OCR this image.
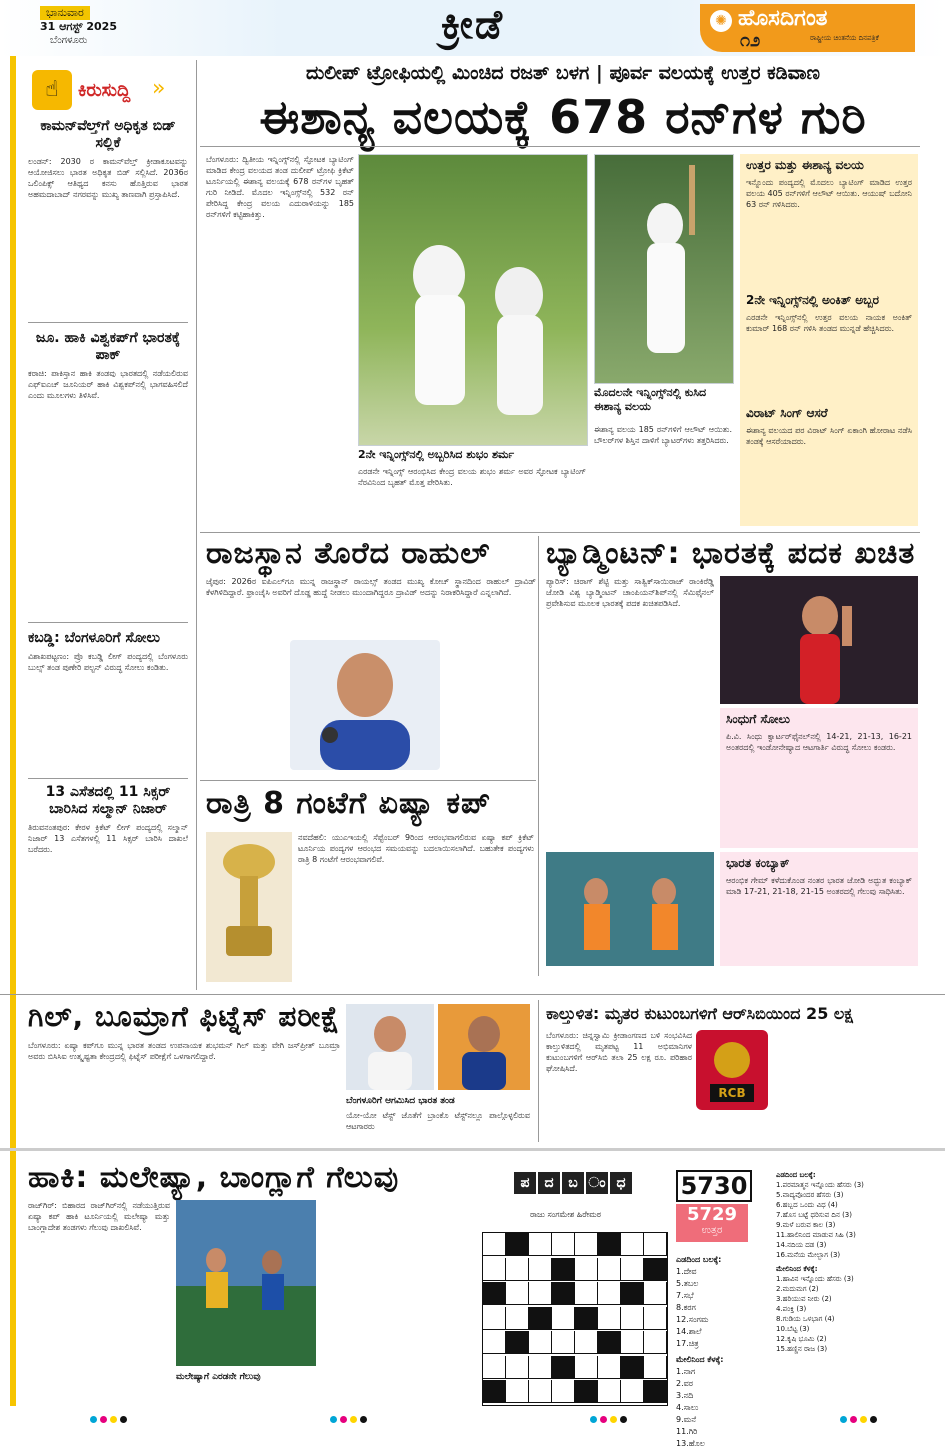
ಭಾನುವಾರ
31 ಆಗಸ್ಟ್ 2025
ಬೆಂಗಳೂರು	ಕ್ರೀಡೆ	✺ ಹೊಸದಿಗಂತ
೧೨	ರಾಷ್ಟ್ರೀಯ ಚಿಂತನೆಯ ದಿನಪತ್ರಿಕೆ
☝	ಕಿರುಸುದ್ದಿ »
ಕಾಮನ್‌ವೆಲ್ತ್‌ಗೆ ಅಧಿಕೃತ ಬಿಡ್ ಸಲ್ಲಿಕೆ
ಲಂಡನ್: 2030 ರ ಕಾಮನ್‌ವೆಲ್ತ್ ಕ್ರೀಡಾಕೂಟವನ್ನು ಆಯೋಜಿಸಲು ಭಾರತ ಅಧಿಕೃತ ಬಿಡ್ ಸಲ್ಲಿಸಿದೆ. 2036ರ ಒಲಿಂಪಿಕ್ಸ್ ಆತಿಥ್ಯದ ಕನಸು ಹೊತ್ತಿರುವ ಭಾರತ ಅಹಮದಾಬಾದ್ ನಗರವನ್ನು ಮುಖ್ಯ ತಾಣವಾಗಿ ಪ್ರಸ್ತಾಪಿಸಿದೆ.
ಜೂ. ಹಾಕಿ ವಿಶ್ವಕಪ್‌ಗೆ ಭಾರತಕ್ಕೆ ಪಾಕ್
ಕರಾಚಿ: ಪಾಕಿಸ್ತಾನ ಹಾಕಿ ತಂಡವು ಭಾರತದಲ್ಲಿ ನಡೆಯಲಿರುವ ಎಫ್‌ಐಎಚ್ ಜೂನಿಯರ್ ಹಾಕಿ ವಿಶ್ವಕಪ್‌ನಲ್ಲಿ ಭಾಗವಹಿಸಲಿದೆ ಎಂದು ಮೂಲಗಳು ತಿಳಿಸಿವೆ.
ಕಬಡ್ಡಿ: ಬೆಂಗಳೂರಿಗೆ ಸೋಲು
ವಿಶಾಖಪಟ್ಟಣಂ: ಪ್ರೊ ಕಬಡ್ಡಿ ಲೀಗ್ ಪಂದ್ಯದಲ್ಲಿ ಬೆಂಗಳೂರು ಬುಲ್ಸ್ ತಂಡ ಪುಣೇರಿ ಪಲ್ಟನ್ ವಿರುದ್ಧ ಸೋಲು ಕಂಡಿತು.
13 ಎಸೆತದಲ್ಲಿ 11 ಸಿಕ್ಸರ್ ಬಾರಿಸಿದ ಸಲ್ಮಾನ್ ನಿಜಾರ್
ತಿರುವನಂತಪುರ: ಕೇರಳ ಕ್ರಿಕೆಟ್ ಲೀಗ್ ಪಂದ್ಯದಲ್ಲಿ ಸಲ್ಮಾನ್ ನಿಜಾರ್ 13 ಎಸೆತಗಳಲ್ಲಿ 11 ಸಿಕ್ಸರ್ ಬಾರಿಸಿ ದಾಖಲೆ ಬರೆದರು.
ದುಲೀಪ್ ಟ್ರೋಫಿಯಲ್ಲಿ ಮಿಂಚಿದ ರಜತ್ ಬಳಗ | ಪೂರ್ವ ವಲಯಕ್ಕೆ ಉತ್ತರ ಕಡಿವಾಣ
ಈಶಾನ್ಯ ವಲಯಕ್ಕೆ 678 ರನ್‌ಗಳ ಗುರಿ
ಬೆಂಗಳೂರು: ದ್ವಿತೀಯ ಇನ್ನಿಂಗ್ಸ್‌ನಲ್ಲಿ ಸ್ಫೋಟಕ ಬ್ಯಾಟಿಂಗ್ ಮಾಡಿದ ಕೇಂದ್ರ ವಲಯದ ತಂಡ ದುಲೀಪ್ ಟ್ರೋಫಿ ಕ್ರಿಕೆಟ್ ಟೂರ್ನಿಯಲ್ಲಿ ಈಶಾನ್ಯ ವಲಯಕ್ಕೆ 678 ರನ್‌ಗಳ ಬೃಹತ್ ಗುರಿ ನೀಡಿದೆ. ಮೊದಲ ಇನ್ನಿಂಗ್ಸ್‌ನಲ್ಲಿ 532 ರನ್ ಪೇರಿಸಿದ್ದ ಕೇಂದ್ರ ವಲಯ ಎದುರಾಳಿಯನ್ನು 185 ರನ್‌ಗಳಿಗೆ ಕಟ್ಟಿಹಾಕಿತ್ತು.
2ನೇ ಇನ್ನಿಂಗ್ಸ್‌ನಲ್ಲಿ ಅಬ್ಬರಿಸಿದ ಶುಭಂ ಶರ್ಮ
ಎರಡನೇ ಇನ್ನಿಂಗ್ಸ್ ಆರಂಭಿಸಿದ ಕೇಂದ್ರ ವಲಯ ಶುಭಂ ಶರ್ಮ ಅವರ ಸ್ಫೋಟಕ ಬ್ಯಾಟಿಂಗ್ ನೆರವಿನಿಂದ ಬೃಹತ್ ಮೊತ್ತ ಪೇರಿಸಿತು.
ಮೊದಲನೇ ಇನ್ನಿಂಗ್ಸ್‌ನಲ್ಲಿ ಕುಸಿದ ಈಶಾನ್ಯ ವಲಯ
ಈಶಾನ್ಯ ವಲಯ 185 ರನ್‌ಗಳಿಗೆ ಆಲೌಟ್ ಆಯಿತು. ಬೌಲರ್‌ಗಳ ಶಿಸ್ತಿನ ದಾಳಿಗೆ ಬ್ಯಾಟರ್‌ಗಳು ತತ್ತರಿಸಿದರು.
ಉತ್ತರ ಮತ್ತು ಈಶಾನ್ಯ ವಲಯ
ಇನ್ನೊಂದು ಪಂದ್ಯದಲ್ಲಿ ಮೊದಲು ಬ್ಯಾಟಿಂಗ್ ಮಾಡಿದ ಉತ್ತರ ವಲಯ 405 ರನ್‌ಗಳಿಗೆ ಆಲೌಟ್ ಆಯಿತು. ಆಯುಷ್ ಬದೋನಿ 63 ರನ್ ಗಳಿಸಿದರು.
2ನೇ ಇನ್ನಿಂಗ್ಸ್‌ನಲ್ಲಿ ಅಂಕಿತ್ ಅಬ್ಬರ
ಎರಡನೇ ಇನ್ನಿಂಗ್ಸ್‌ನಲ್ಲಿ ಉತ್ತರ ವಲಯ ನಾಯಕ ಅಂಕಿತ್ ಕುಮಾರ್ 168 ರನ್ ಗಳಿಸಿ ತಂಡದ ಮುನ್ನಡೆ ಹೆಚ್ಚಿಸಿದರು.
ವಿರಾಟ್ ಸಿಂಗ್ ಆಸರೆ
ಈಶಾನ್ಯ ವಲಯದ ಪರ ವಿರಾಟ್ ಸಿಂಗ್ ಏಕಾಂಗಿ ಹೋರಾಟ ನಡೆಸಿ ತಂಡಕ್ಕೆ ಆಸರೆಯಾದರು.
ರಾಜಸ್ಥಾನ ತೊರೆದ ರಾಹುಲ್
ಜೈಪುರ: 2026ರ ಐಪಿಎಲ್‌ಗೂ ಮುನ್ನ ರಾಜಸ್ಥಾನ್ ರಾಯಲ್ಸ್ ತಂಡದ ಮುಖ್ಯ ಕೋಚ್ ಸ್ಥಾನದಿಂದ ರಾಹುಲ್ ದ್ರಾವಿಡ್ ಕೆಳಗಿಳಿದಿದ್ದಾರೆ. ಫ್ರಾಂಚೈಸಿ ಅವರಿಗೆ ದೊಡ್ಡ ಹುದ್ದೆ ನೀಡಲು ಮುಂದಾಗಿದ್ದರೂ ದ್ರಾವಿಡ್ ಅದನ್ನು ನಿರಾಕರಿಸಿದ್ದಾರೆ ಎನ್ನಲಾಗಿದೆ.
ರಾತ್ರಿ 8 ಗಂಟೆಗೆ ಏಷ್ಯಾ ಕಪ್
ನವದೆಹಲಿ: ಯುಎಇಯಲ್ಲಿ ಸೆಪ್ಟೆಂಬರ್ 9ರಿಂದ ಆರಂಭವಾಗಲಿರುವ ಏಷ್ಯಾ ಕಪ್ ಕ್ರಿಕೆಟ್ ಟೂರ್ನಿಯ ಪಂದ್ಯಗಳ ಆರಂಭದ ಸಮಯವನ್ನು ಬದಲಾಯಿಸಲಾಗಿದೆ. ಬಹುತೇಕ ಪಂದ್ಯಗಳು ರಾತ್ರಿ 8 ಗಂಟೆಗೆ ಆರಂಭವಾಗಲಿವೆ.
ಬ್ಯಾಡ್ಮಿಂಟನ್: ಭಾರತಕ್ಕೆ ಪದಕ ಖಚಿತ
ಪ್ಯಾರಿಸ್: ಚಿರಾಗ್ ಶೆಟ್ಟಿ ಮತ್ತು ಸಾತ್ವಿಕ್‌ಸಾಯಿರಾಜ್ ರಾಂಕಿರೆಡ್ಡಿ ಜೋಡಿ ವಿಶ್ವ ಬ್ಯಾಡ್ಮಿಂಟನ್ ಚಾಂಪಿಯನ್‌ಶಿಪ್‌ನಲ್ಲಿ ಸೆಮಿಫೈನಲ್ ಪ್ರವೇಶಿಸುವ ಮೂಲಕ ಭಾರತಕ್ಕೆ ಪದಕ ಖಚಿತಪಡಿಸಿದೆ.
ಸಿಂಧುಗೆ ಸೋಲು
ಪಿ.ವಿ. ಸಿಂಧು ಕ್ವಾರ್ಟರ್‌ಫೈನಲ್‌ನಲ್ಲಿ 14-21, 21-13, 16-21 ಅಂತರದಲ್ಲಿ ಇಂಡೋನೇಷ್ಯಾದ ಆಟಗಾರ್ತಿ ವಿರುದ್ಧ ಸೋಲು ಕಂಡರು.
ಭಾರತ ಕಂಬ್ಯಾಕ್
ಆರಂಭಿಕ ಗೇಮ್ ಕಳೆದುಕೊಂಡ ನಂತರ ಭಾರತ ಜೋಡಿ ಅದ್ಭುತ ಕಂಬ್ಯಾಕ್ ಮಾಡಿ 17-21, 21-18, 21-15 ಅಂತರದಲ್ಲಿ ಗೆಲುವು ಸಾಧಿಸಿತು.
ಗಿಲ್, ಬೂಮ್ರಾಗೆ ಫಿಟ್ನೆಸ್ ಪರೀಕ್ಷೆ
ಬೆಂಗಳೂರು: ಏಷ್ಯಾ ಕಪ್‌ಗೂ ಮುನ್ನ ಭಾರತ ತಂಡದ ಉಪನಾಯಕ ಶುಭಮನ್ ಗಿಲ್ ಮತ್ತು ವೇಗಿ ಜಸ್‌ಪ್ರೀತ್ ಬೂಮ್ರಾ ಅವರು ಬಿಸಿಸಿಐ ಉತ್ಕೃಷ್ಟತಾ ಕೇಂದ್ರದಲ್ಲಿ ಫಿಟ್ನೆಸ್ ಪರೀಕ್ಷೆಗೆ ಒಳಗಾಗಲಿದ್ದಾರೆ.
ಬೆಂಗಳೂರಿಗೆ ಆಗಮಿಸಿದ ಭಾರತ ತಂಡ
ಯೋ-ಯೋ ಟೆಸ್ಟ್ ಜೊತೆಗೆ ಬ್ರಾಂಕೊ ಟೆಸ್ಟ್‌ನಲ್ಲೂ ಪಾಲ್ಗೊಳ್ಳಲಿರುವ ಆಟಗಾರರು
ಕಾಲ್ತುಳಿತ: ಮೃತರ ಕುಟುಂಬಗಳಿಗೆ ಆರ್‌ಸಿಬಿಯಿಂದ 25 ಲಕ್ಷ
ಬೆಂಗಳೂರು: ಚಿನ್ನಸ್ವಾಮಿ ಕ್ರೀಡಾಂಗಣದ ಬಳಿ ಸಂಭವಿಸಿದ ಕಾಲ್ತುಳಿತದಲ್ಲಿ ಮೃತಪಟ್ಟ 11 ಅಭಿಮಾನಿಗಳ ಕುಟುಂಬಗಳಿಗೆ ಆರ್‌ಸಿಬಿ ತಲಾ 25 ಲಕ್ಷ ರೂ. ಪರಿಹಾರ ಘೋಷಿಸಿದೆ.
RCB
ಹಾಕಿ: ಮಲೇಷ್ಯಾ, ಬಾಂಗ್ಲಾಗೆ ಗೆಲುವು
ರಾಜ್‌ಗಿರ್: ಬಿಹಾರದ ರಾಜ್‌ಗಿರ್‌ನಲ್ಲಿ ನಡೆಯುತ್ತಿರುವ ಏಷ್ಯಾ ಕಪ್ ಹಾಕಿ ಟೂರ್ನಿಯಲ್ಲಿ ಮಲೇಷ್ಯಾ ಮತ್ತು ಬಾಂಗ್ಲಾದೇಶ ತಂಡಗಳು ಗೆಲುವು ದಾಖಲಿಸಿವೆ.
ಮಲೇಷ್ಯಾಗೆ ಎರಡನೇ ಗೆಲುವು
ಪ ದ ಬ ಂ ಧ
ರಾಜು ಸಂಗಮೇಶ ಹಿರೇಮಠ
5730
5729
ಉತ್ತರ
ಎಡದಿಂದ ಬಲಕ್ಕೆ:
1.ದೇವ
5.ತಬಲ
7.ಸಭೆ
8.ಕರಗ
12.ಸಂಗಮ
14.ಶಾಲೆ
17.ಚಿತ್ರ
ಮೇಲಿನಿಂದ ಕೆಳಕ್ಕೆ:
1.ನಾಗ
2.ವರ
3.ನದಿ
4.ಸಾಲು
9.ಮನೆ
11.ಗಿರಿ
13.ಹೊಲ
ಎಡದಿಂದ ಬಲಕ್ಕೆ:
1.ಪರಮಾತ್ಮನ ಇನ್ನೊಂದು ಹೆಸರು (3)
5.ವಾದ್ಯವೊಂದರ ಹೆಸರು (3)
6.ಹಬ್ಬದ ಒಂದು ವಿಧ (4)
7.ಹೊಸ ಬಟ್ಟೆ ಧರಿಸುವ ದಿನ (3)
9.ಮಳೆ ಬರುವ ಕಾಲ (3)
11.ಹಾಲಿನಿಂದ ಮಾಡುವ ಸಿಹಿ (3)
14.ನದಿಯ ದಡ (3)
16.ಮನೆಯ ಮೇಲ್ಭಾಗ (3)
ಮೇಲಿನಿಂದ ಕೆಳಕ್ಕೆ:
1.ಹಾವಿನ ಇನ್ನೊಂದು ಹೆಸರು (3)
2.ಮದುಮಗ (2)
3.ಹರಿಯುವ ನೀರು (2)
4.ಪಂಕ್ತಿ (3)
8.ಗುಡಿಯ ಒಳಭಾಗ (4)
10.ಬೆಟ್ಟ (3)
12.ಕೃಷಿ ಭೂಮಿ (2)
15.ಹಣ್ಣಿನ ರಾಜ (3)
